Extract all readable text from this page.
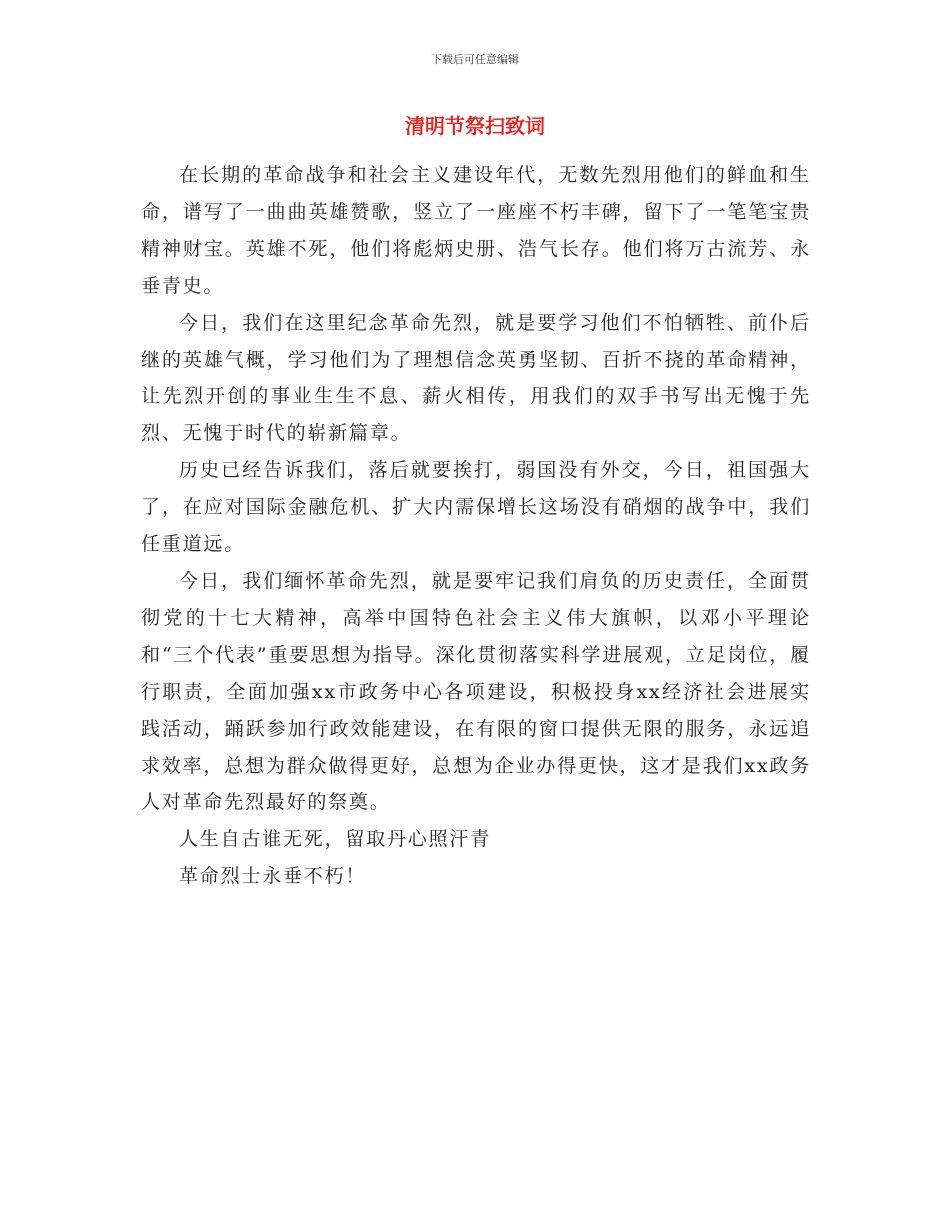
下载后可任意编辑
清明节祭扫致词

在长期的革命战争和社会主义建设年代，无数先烈用他们的鲜血和生命，谱写了一曲曲英雄赞歌，竖立了一座座不朽丰碑，留下了一笔笔宝贵精神财宝。英雄不死，他们将彪炳史册、浩气长存。他们将万古流芳、永垂青史。

今日，我们在这里纪念革命先烈，就是要学习他们不怕牺牲、前仆后继的英雄气概，学习他们为了理想信念英勇坚韧、百折不挠的革命精神，让先烈开创的事业生生不息、薪火相传，用我们的双手书写出无愧于先烈、无愧于时代的崭新篇章。

历史已经告诉我们，落后就要挨打，弱国没有外交，今日，祖国强大了，在应对国际金融危机、扩大内需保增长这场没有硝烟的战争中，我们任重道远。

今日，我们缅怀革命先烈，就是要牢记我们肩负的历史责任，全面贯彻党的十七大精神，高举中国特色社会主义伟大旗帜，以邓小平理论和“三个代表”重要思想为指导。深化贯彻落实科学进展观，立足岗位，履行职责，全面加强xx市政务中心各项建设，积极投身xx经济社会进展实践活动，踊跃参加行政效能建设，在有限的窗口提供无限的服务，永远追求效率，总想为群众做得更好，总想为企业办得更快，这才是我们xx政务人对革命先烈最好的祭奠。

人生自古谁无死，留取丹心照汗青

革命烈士永垂不朽！
